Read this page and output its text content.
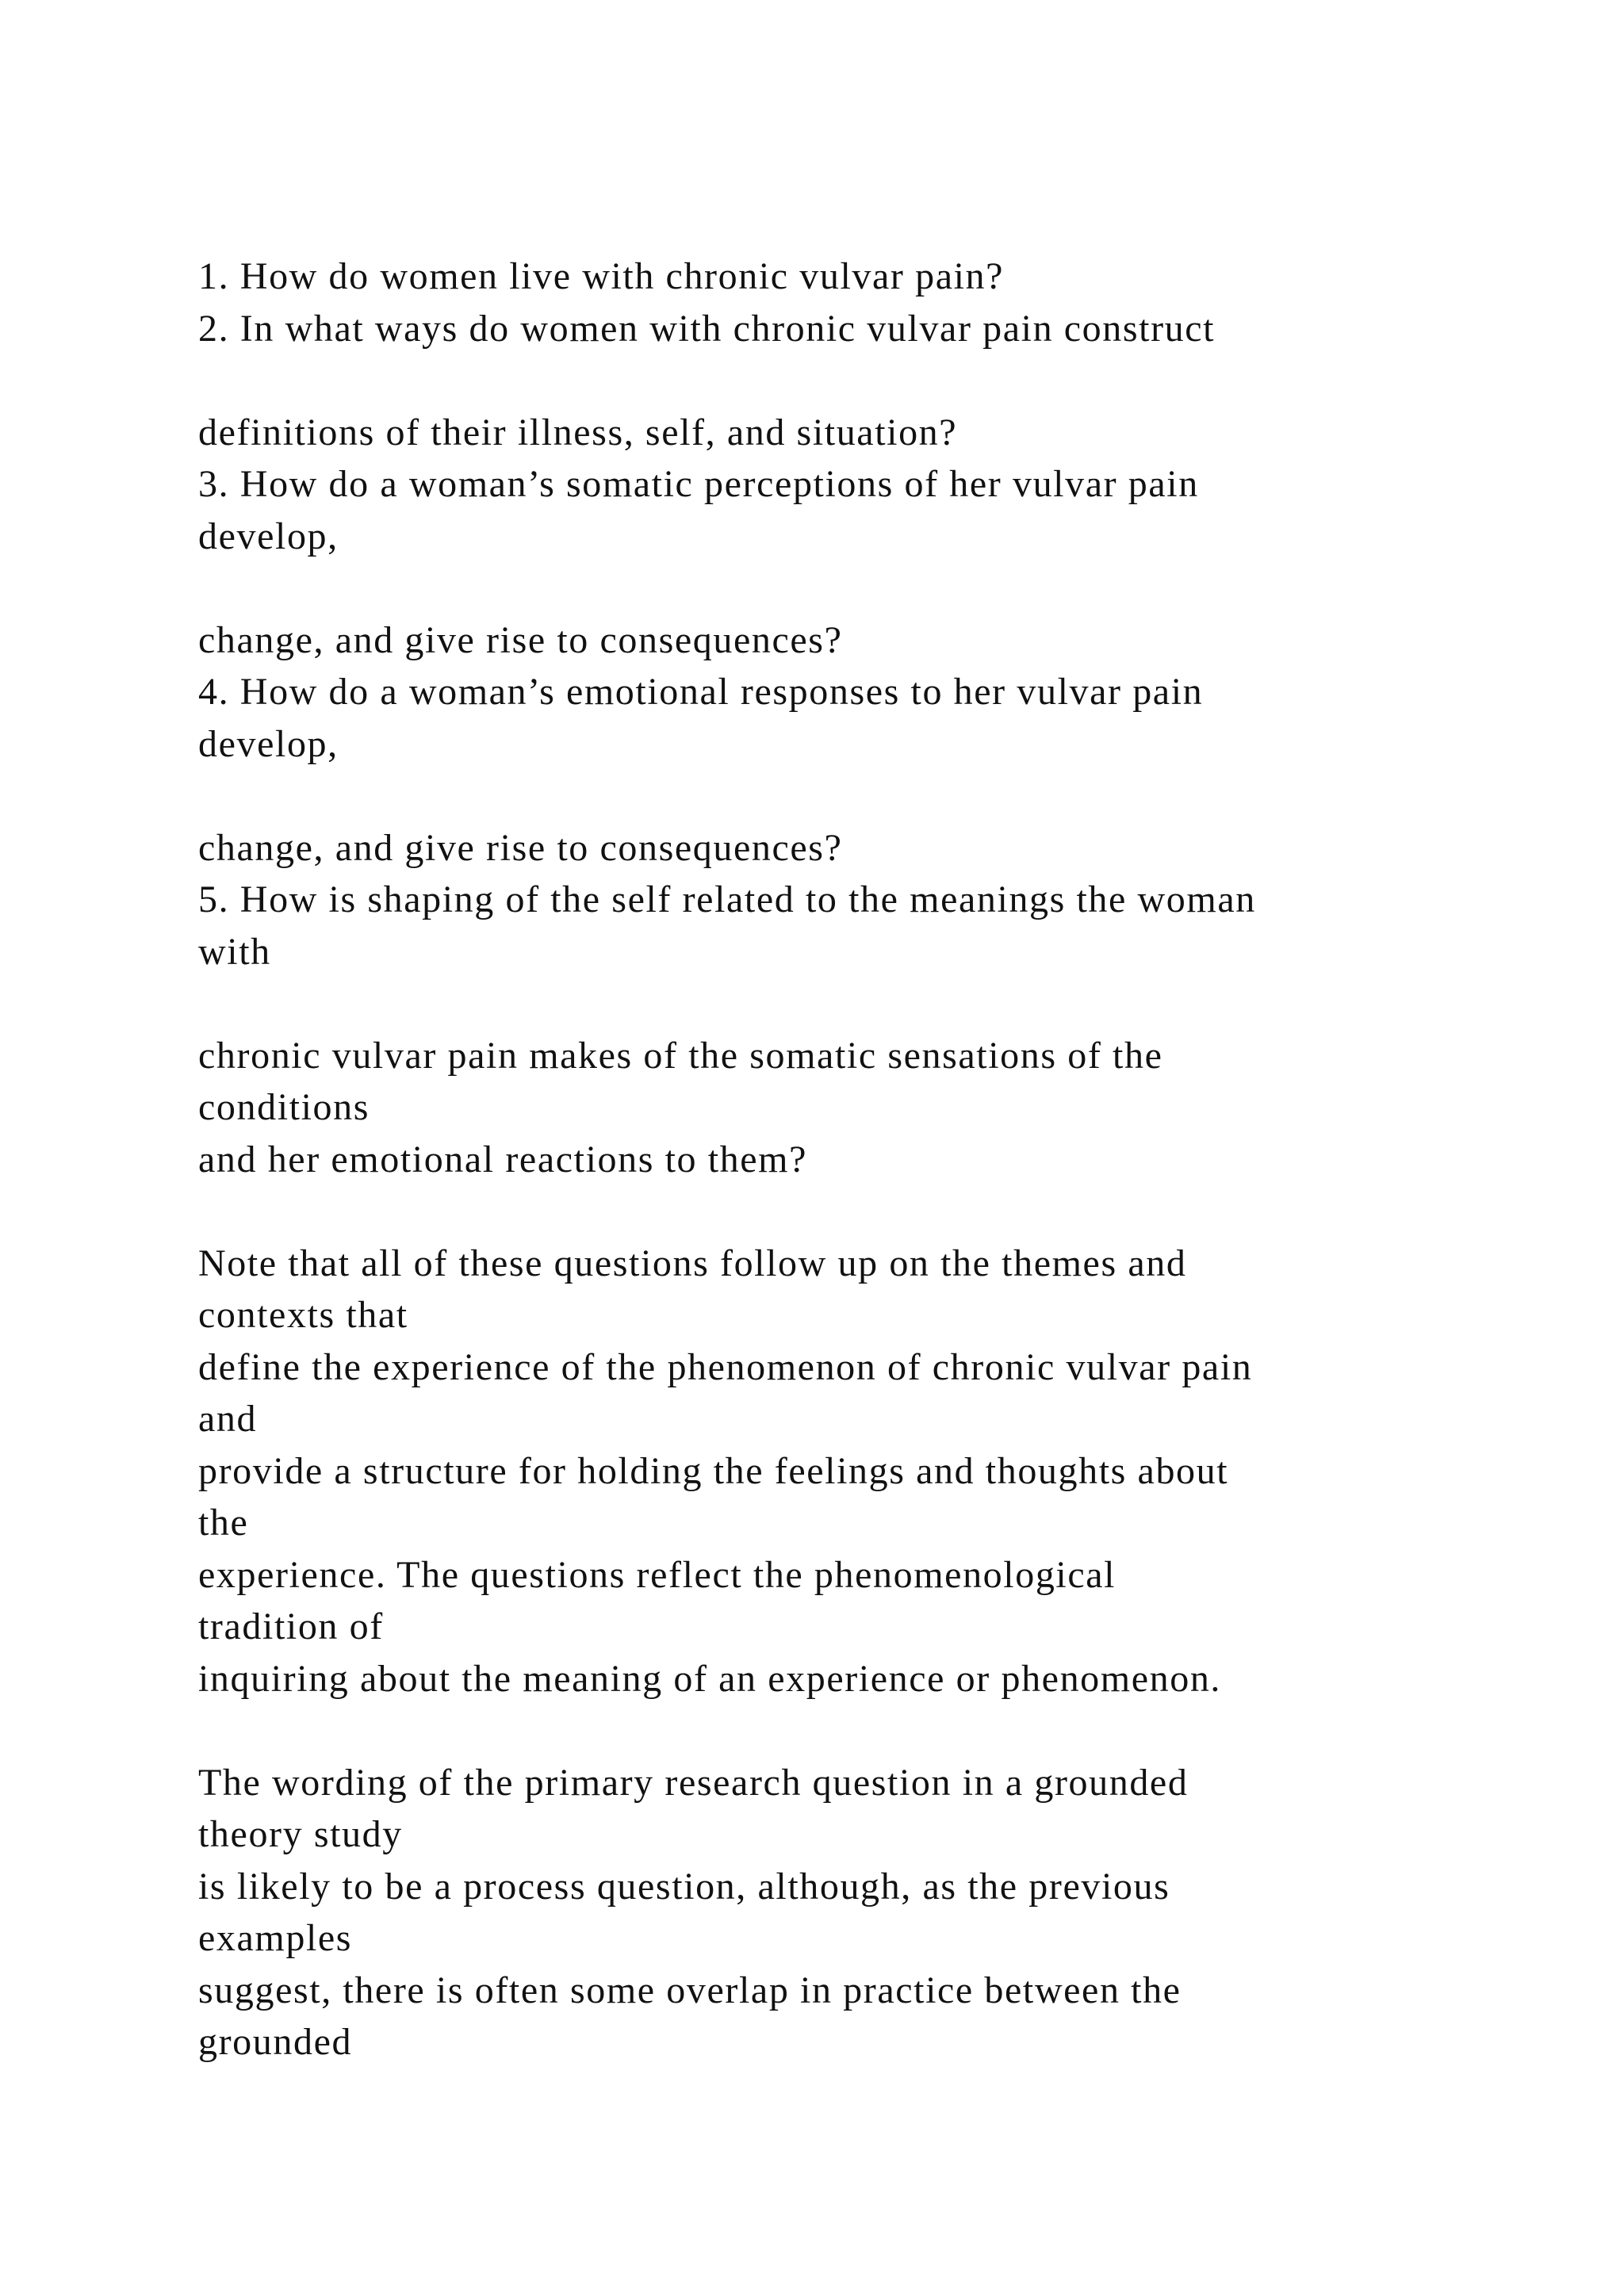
1. How do women live with chronic vulvar pain?
2. In what ways do women with chronic vulvar pain construct
definitions of their illness, self, and situation?
3. How do a woman’s somatic perceptions of her vulvar pain
develop,
change, and give rise to consequences?
4. How do a woman’s emotional responses to her vulvar pain
develop,
change, and give rise to consequences?
5. How is shaping of the self related to the meanings the woman
with
chronic vulvar pain makes of the somatic sensations of the
conditions
and her emotional reactions to them?
Note that all of these questions follow up on the themes and
contexts that
define the experience of the phenomenon of chronic vulvar pain
and
provide a structure for holding the feelings and thoughts about
the
experience. The questions reflect the phenomenological
tradition of
inquiring about the meaning of an experience or phenomenon.
The wording of the primary research question in a grounded
theory study
is likely to be a process question, although, as the previous
examples
suggest, there is often some overlap in practice between the
grounded
